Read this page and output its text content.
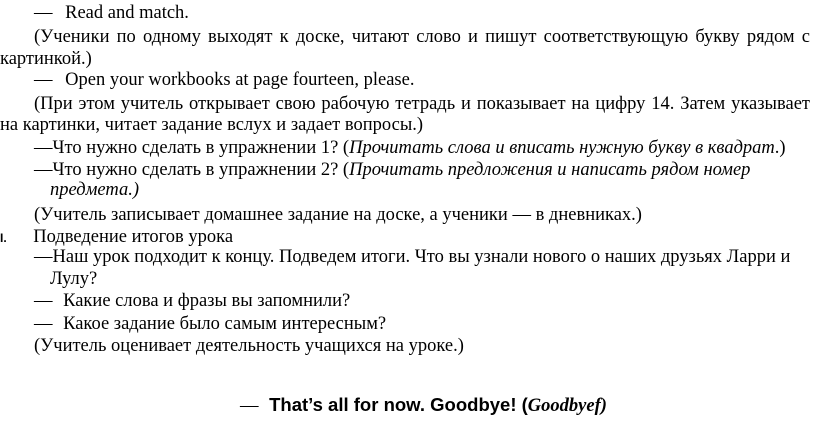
— Read and match.
(Ученики по одному выходят к доске, читают слово и пишут соответствующую букву рядом с
картинкой.)
— Open your workbooks at page fourteen, please.
(При этом учитель открывает свою рабочую тетрадь и показывает на цифру 14. Затем указывает
на картинки, читает задание вслух и задает вопросы.)
—Что нужно сделать в упражнении 1? (Прочитать слова и вписать нужную букву в квадрат.)
—Что нужно сделать в упражнении 2? (Прочитать предложения и написать рядом номер
предмета.)
(Учитель записывает домашнее задание на доске, а ученики — в дневниках.)
I. Подведение итогов урока
—Наш урок подходит к концу. Подведем итоги. Что вы узнали нового о наших друзьях Ларри и
Лулу?
— Какие слова и фразы вы запомнили?
— Какое задание было самым интересным?
(Учитель оценивает деятельность учащихся на уроке.)
— That’s all for now. Goodbye! (Goodbyef)
